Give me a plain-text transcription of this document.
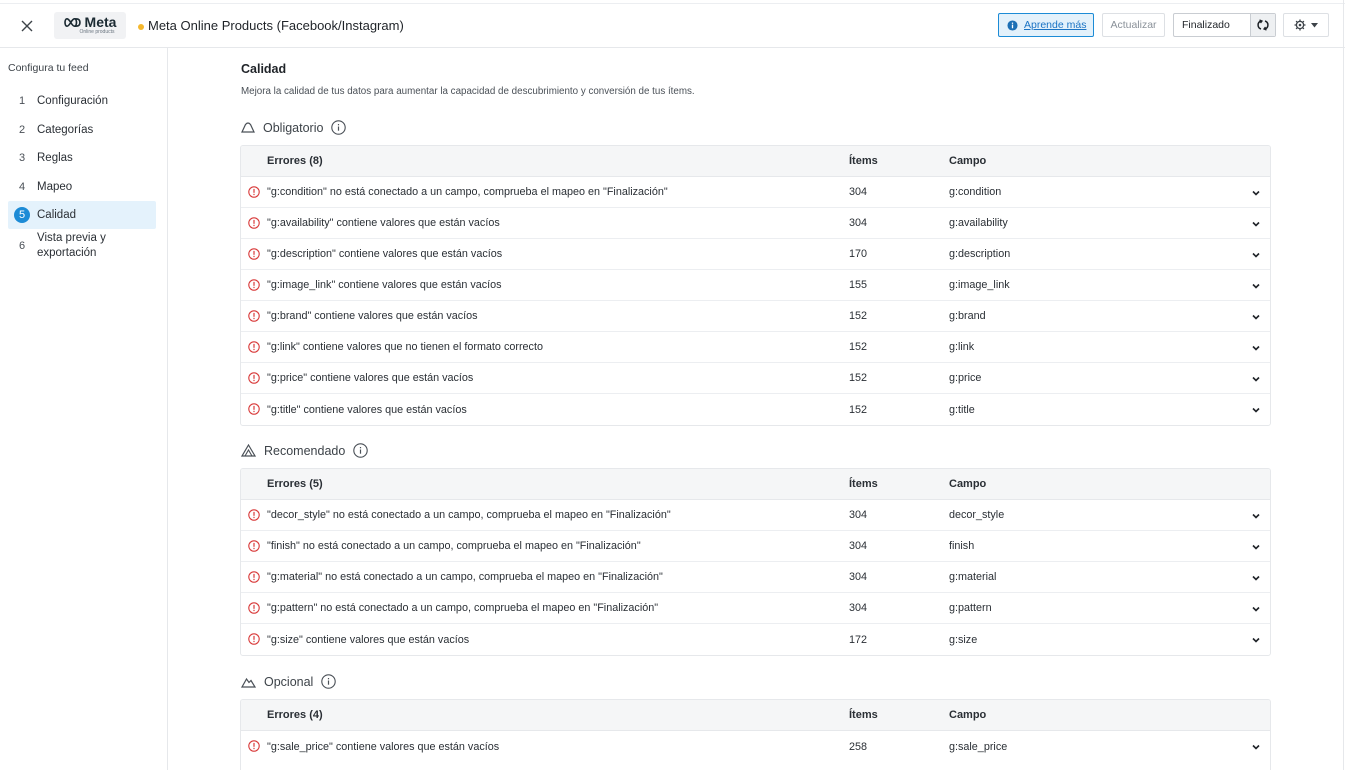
Meta
Online products	Meta Online Products (Facebook/Instagram)	Aprende más	Actualizar	Finalizado
Configura tu feed
1	Configuración
2	Categorías
3	Reglas
4	Mapeo
5	Calidad
6
Vista previa y exportación
Calidad
Mejora la calidad de tus datos para aumentar la capacidad de descubrimiento y conversión de tus ítems.
Obligatorio
Errores (8)	Ítems	Campo
"g:condition" no está conectado a un campo, comprueba el mapeo en "Finalización"	304	g:condition
"g:availability" contiene valores que están vacíos	304	g:availability
"g:description" contiene valores que están vacíos	170	g:description
"g:image_link" contiene valores que están vacíos	155	g:image_link
"g:brand" contiene valores que están vacíos	152	g:brand
"g:link" contiene valores que no tienen el formato correcto	152	g:link
"g:price" contiene valores que están vacíos	152	g:price
"g:title" contiene valores que están vacíos	152	g:title
Recomendado
Errores (5)	Ítems	Campo
"decor_style" no está conectado a un campo, comprueba el mapeo en "Finalización"	304	decor_style
"finish" no está conectado a un campo, comprueba el mapeo en "Finalización"	304	finish
"g:material" no está conectado a un campo, comprueba el mapeo en "Finalización"	304	g:material
"g:pattern" no está conectado a un campo, comprueba el mapeo en "Finalización"	304	g:pattern
"g:size" contiene valores que están vacíos	172	g:size
Opcional
Errores (4)	Ítems	Campo
"g:sale_price" contiene valores que están vacíos	258	g:sale_price
